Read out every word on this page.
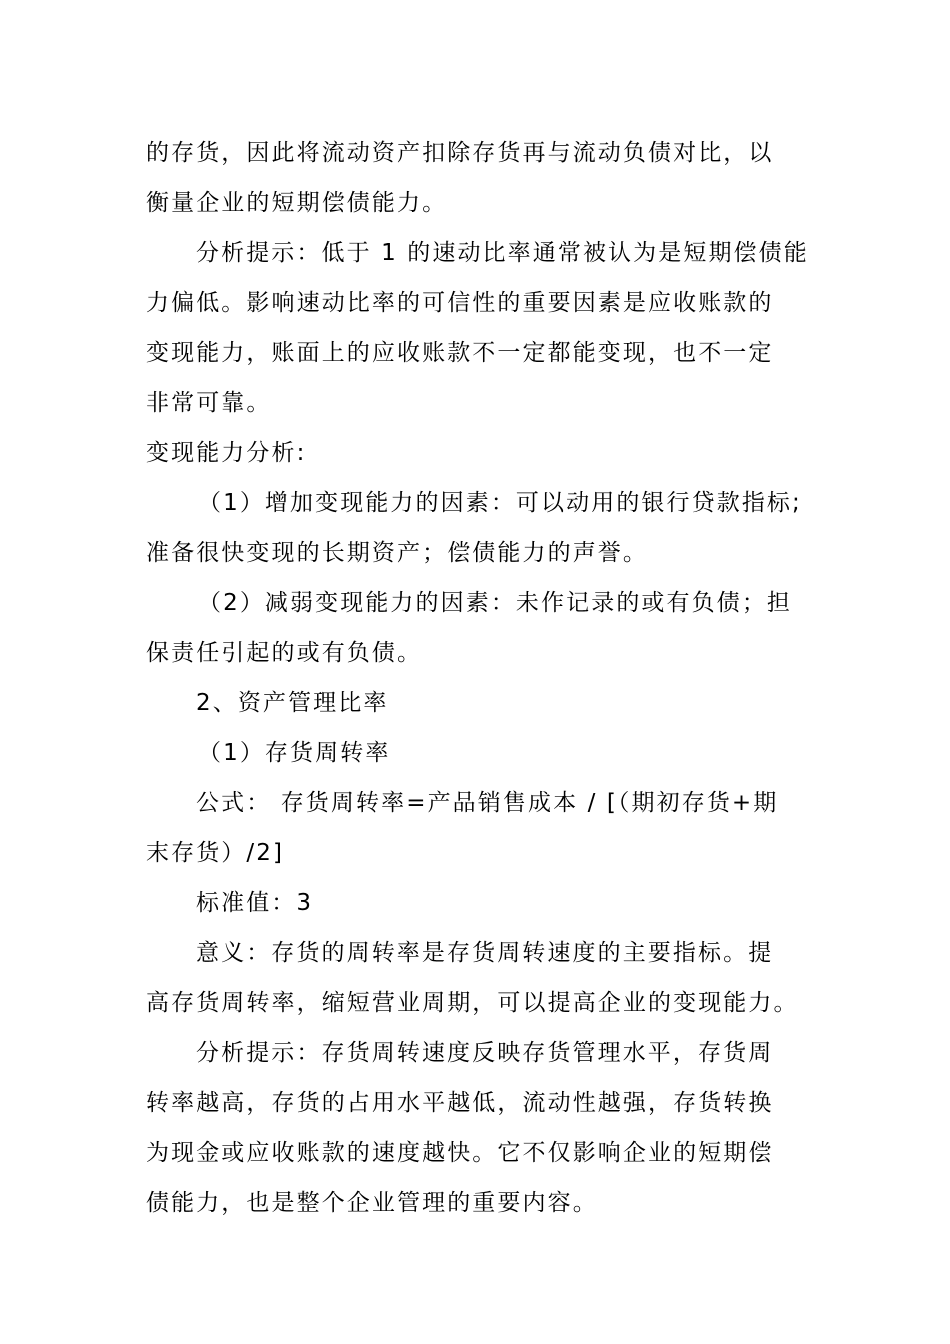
的存货，因此将流动资产扣除存货再与流动负债对比，以
衡量企业的短期偿债能力。

分析提示：低于 1 的速动比率通常被认为是短期偿债能
力偏低。影响速动比率的可信性的重要因素是应收账款的
变现能力，账面上的应收账款不一定都能变现，也不一定
非常可靠。

变现能力分析:

（1）增加变现能力的因素：可以动用的银行贷款指标;
准备很快变现的长期资产；偿债能力的声誉。

（2）减弱变现能力的因素：未作记录的或有负债；担
保责任引起的或有负债。

2、资产管理比率

（1）存货周转率

公式： 存货周转率=产品销售成本 / [（期初存货+期
末存货）/2]

标准值：3

意义：存货的周转率是存货周转速度的主要指标。提
高存货周转率，缩短营业周期，可以提高企业的变现能力。

分析提示：存货周转速度反映存货管理水平，存货周
转率越高，存货的占用水平越低，流动性越强，存货转换
为现金或应收账款的速度越快。它不仅影响企业的短期偿
债能力，也是整个企业管理的重要内容。
